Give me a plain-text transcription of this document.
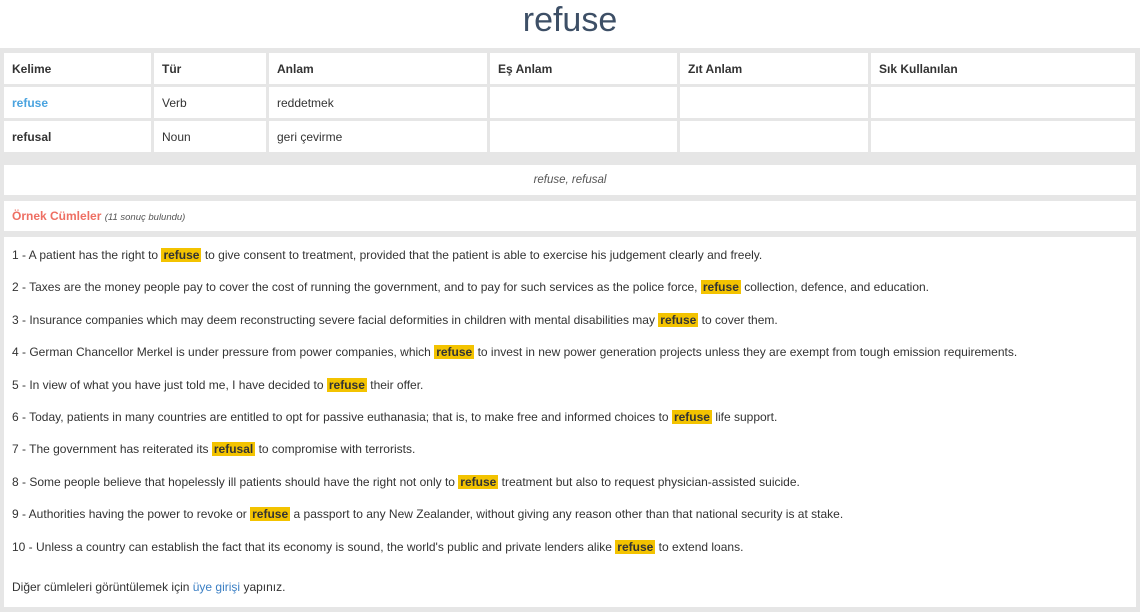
refuse
Kelime	Tür	Anlam	Eş Anlam	Zıt Anlam	Sık Kullanılan
refuse	Verb	reddetmek			
refusal	Noun	geri çevirme			
refuse, refusal
Örnek Cümleler (11 sonuç bulundu)
1 - A patient has the right to refuse to give consent to treatment, provided that the patient is able to exercise his judgement clearly and freely.
2 - Taxes are the money people pay to cover the cost of running the government, and to pay for such services as the police force, refuse collection, defence, and education.
3 - Insurance companies which may deem reconstructing severe facial deformities in children with mental disabilities may refuse to cover them.
4 - German Chancellor Merkel is under pressure from power companies, which refuse to invest in new power generation projects unless they are exempt from tough emission requirements.
5 - In view of what you have just told me, I have decided to refuse their offer.
6 - Today, patients in many countries are entitled to opt for passive euthanasia; that is, to make free and informed choices to refuse life support.
7 - The government has reiterated its refusal to compromise with terrorists.
8 - Some people believe that hopelessly ill patients should have the right not only to refuse treatment but also to request physician-assisted suicide.
9 - Authorities having the power to revoke or refuse a passport to any New Zealander, without giving any reason other than that national security is at stake.
10 - Unless a country can establish the fact that its economy is sound, the world's public and private lenders alike refuse to extend loans.
Diğer cümleleri görüntülemek için üye girişi yapınız.
